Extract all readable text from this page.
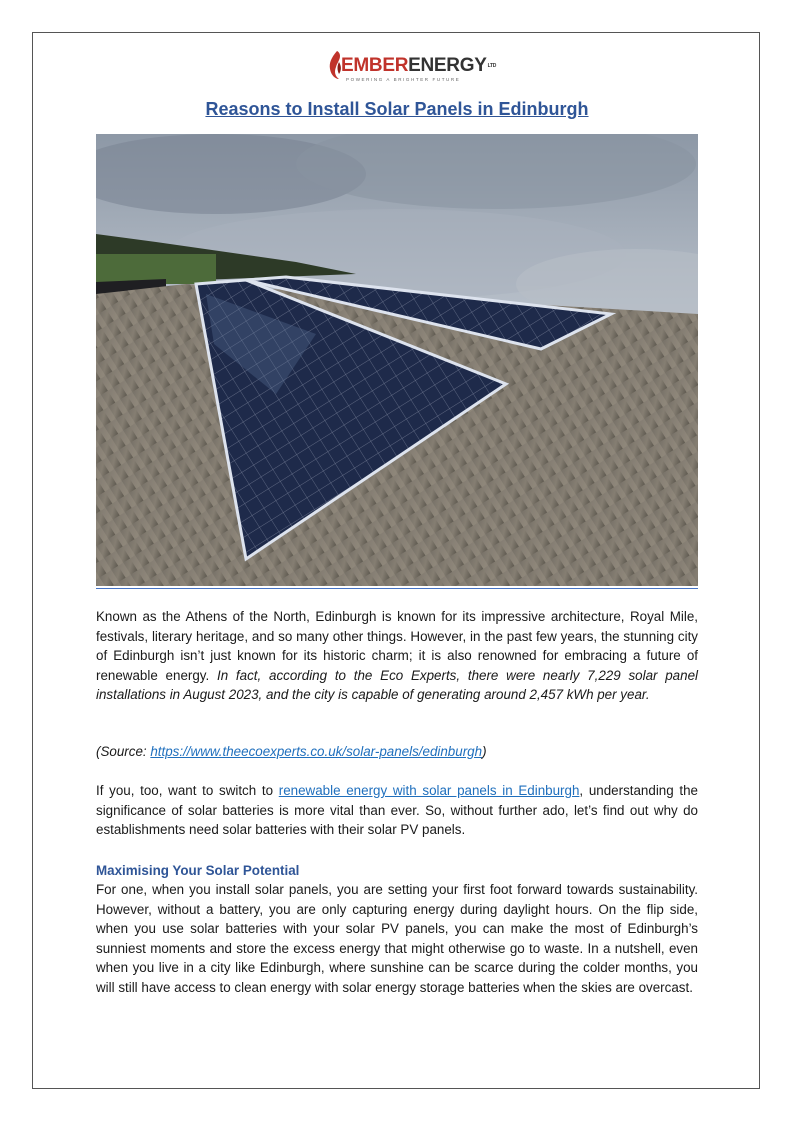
EMBERENERGYLTD
POWERING A BRIGHTER FUTURE
Reasons to Install Solar Panels in Edinburgh

Known as the Athens of the North, Edinburgh is known for its impressive architecture, Royal Mile, festivals, literary heritage, and so many other things. However, in the past few years, the stunning city of Edinburgh isn’t just known for its historic charm; it is also renowned for embracing a future of renewable energy. In fact, according to the Eco Experts, there were nearly 7,229 solar panel installations in August 2023, and the city is capable of generating around 2,457 kWh per year.

(Source: https://www.theecoexperts.co.uk/solar-panels/edinburgh)

If you, too, want to switch to renewable energy with solar panels in Edinburgh, understanding the significance of solar batteries is more vital than ever. So, without further ado, let’s find out why do establishments need solar batteries with their solar PV panels.

Maximising Your Solar Potential

For one, when you install solar panels, you are setting your first foot forward towards sustainability. However, without a battery, you are only capturing energy during daylight hours. On the flip side, when you use solar batteries with your solar PV panels, you can make the most of Edinburgh’s sunniest moments and store the excess energy that might otherwise go to waste. In a nutshell, even when you live in a city like Edinburgh, where sunshine can be scarce during the colder months, you will still have access to clean energy with solar energy storage batteries when the skies are overcast.
